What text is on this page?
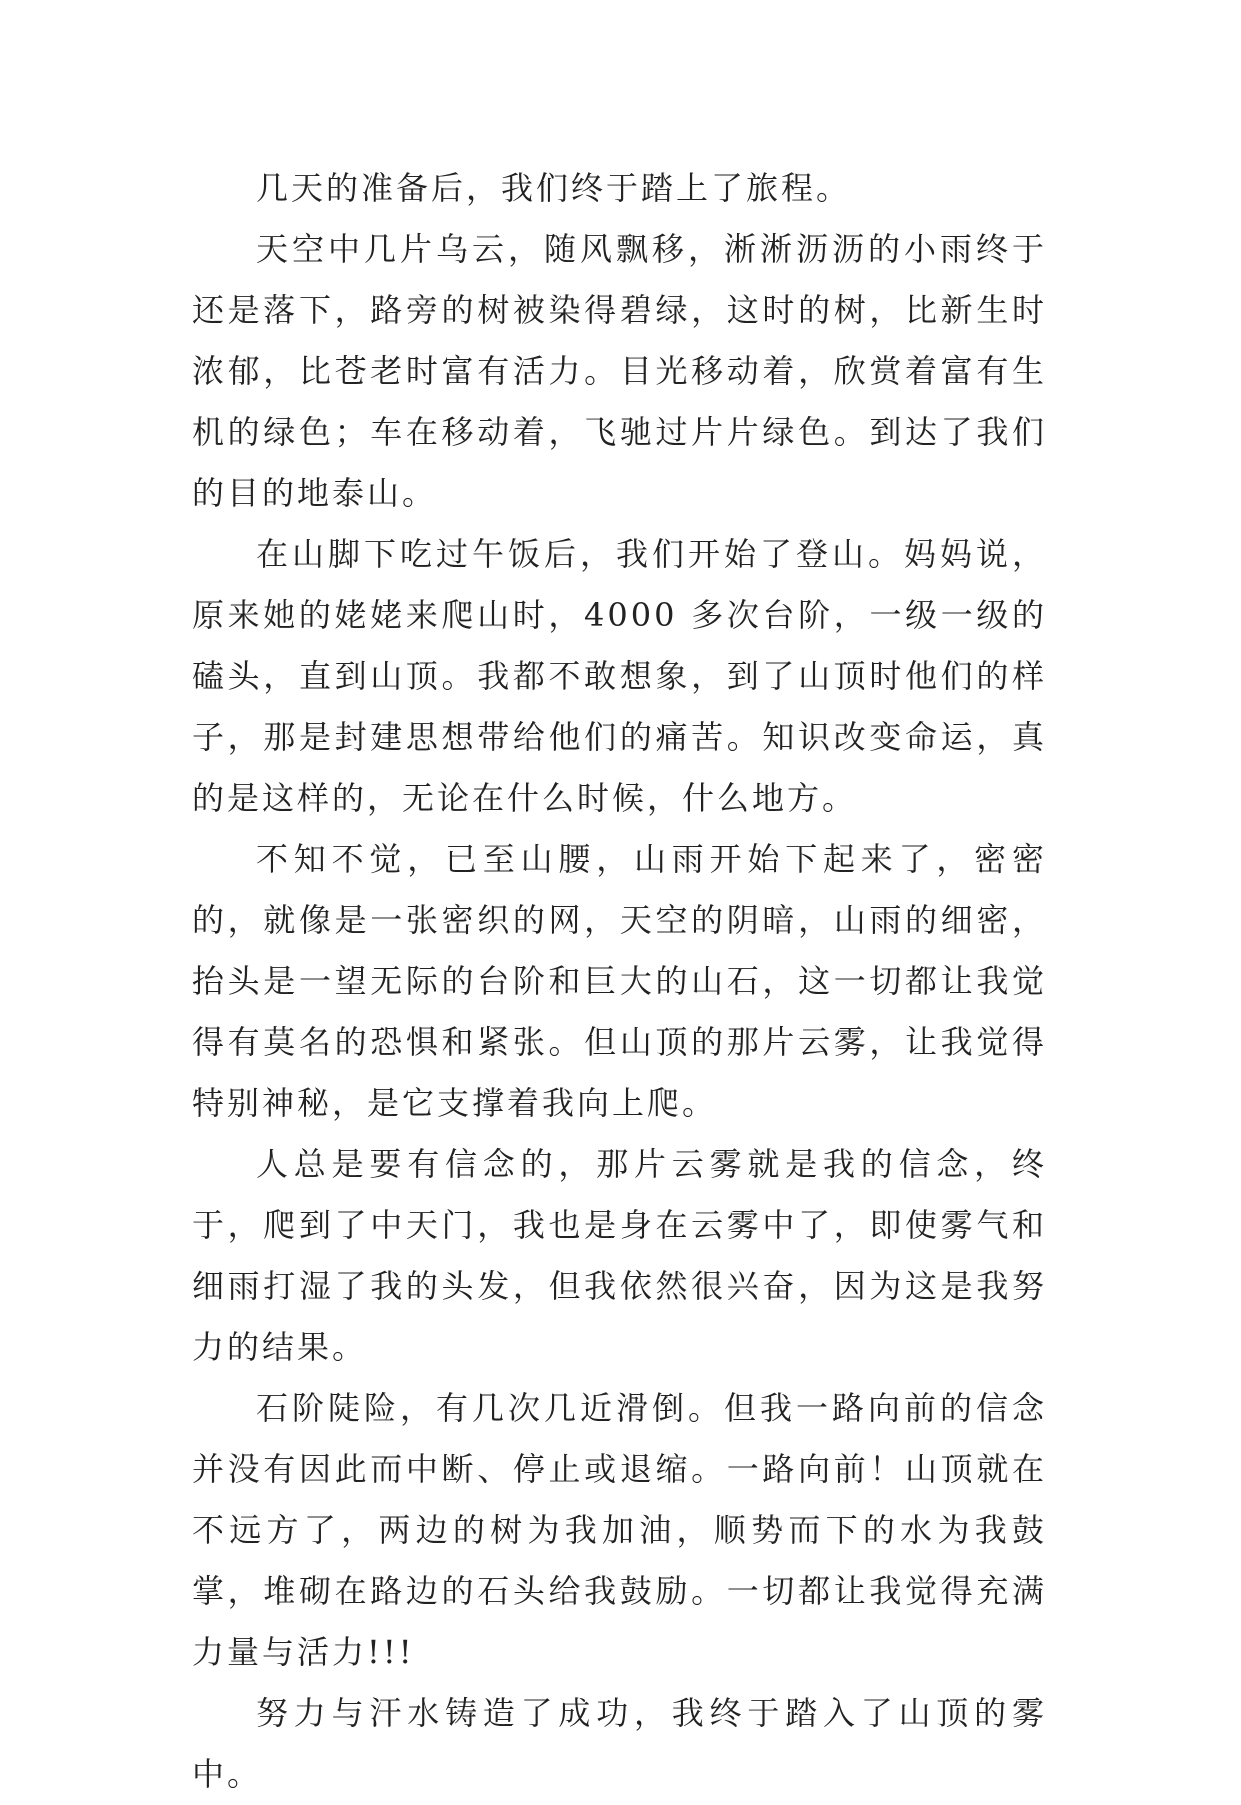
几天的准备后，我们终于踏上了旅程。

天空中几片乌云，随风飘移，淅淅沥沥的小雨终于还是落下，路旁的树被染得碧绿，这时的树，比新生时浓郁，比苍老时富有活力。目光移动着，欣赏着富有生机的绿色；车在移动着，飞驰过片片绿色。到达了我们的目的地泰山。

在山脚下吃过午饭后，我们开始了登山。妈妈说，原来她的姥姥来爬山时，4000 多次台阶，一级一级的磕头，直到山顶。我都不敢想象，到了山顶时他们的样子，那是封建思想带给他们的痛苦。知识改变命运，真的是这样的，无论在什么时候，什么地方。

不知不觉，已至山腰，山雨开始下起来了，密密的，就像是一张密织的网，天空的阴暗，山雨的细密，抬头是一望无际的台阶和巨大的山石，这一切都让我觉得有莫名的恐惧和紧张。但山顶的那片云雾，让我觉得特别神秘，是它支撑着我向上爬。

人总是要有信念的，那片云雾就是我的信念，终于，爬到了中天门，我也是身在云雾中了，即使雾气和细雨打湿了我的头发，但我依然很兴奋，因为这是我努力的结果。

石阶陡险，有几次几近滑倒。但我一路向前的信念并没有因此而中断、停止或退缩。一路向前！山顶就在不远方了，两边的树为我加油，顺势而下的水为我鼓掌，堆砌在路边的石头给我鼓励。一切都让我觉得充满力量与活力!!!

努力与汗水铸造了成功，我终于踏入了山顶的雾中。
